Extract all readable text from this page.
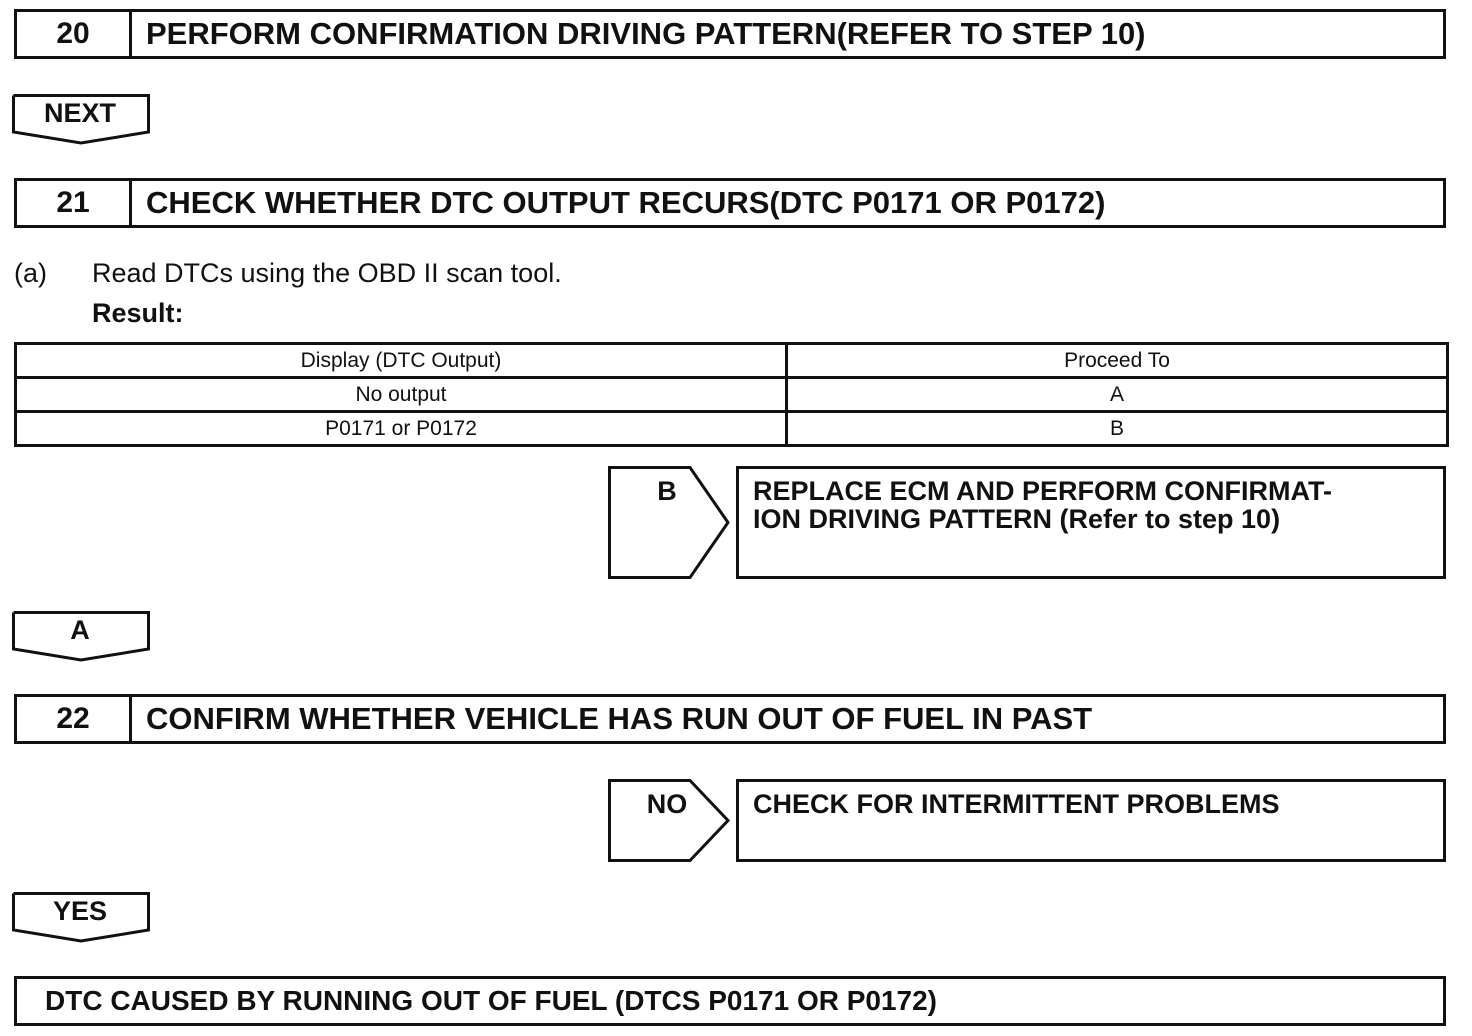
20	PERFORM CONFIRMATION DRIVING PATTERN(REFER TO STEP 10)
NEXT
21	CHECK WHETHER DTC OUTPUT RECURS(DTC P0171 OR P0172)
(a) Read DTCs using the OBD II scan tool.
Result:
Display (DTC Output)	Proceed To
No output	A
P0171 or P0172	B
B	REPLACE ECM AND PERFORM CONFIRMAT-
ION DRIVING PATTERN (Refer to step 10)
A
22	CONFIRM WHETHER VEHICLE HAS RUN OUT OF FUEL IN PAST
NO	CHECK FOR INTERMITTENT PROBLEMS
YES
DTC CAUSED BY RUNNING OUT OF FUEL (DTCS P0171 OR P0172)
